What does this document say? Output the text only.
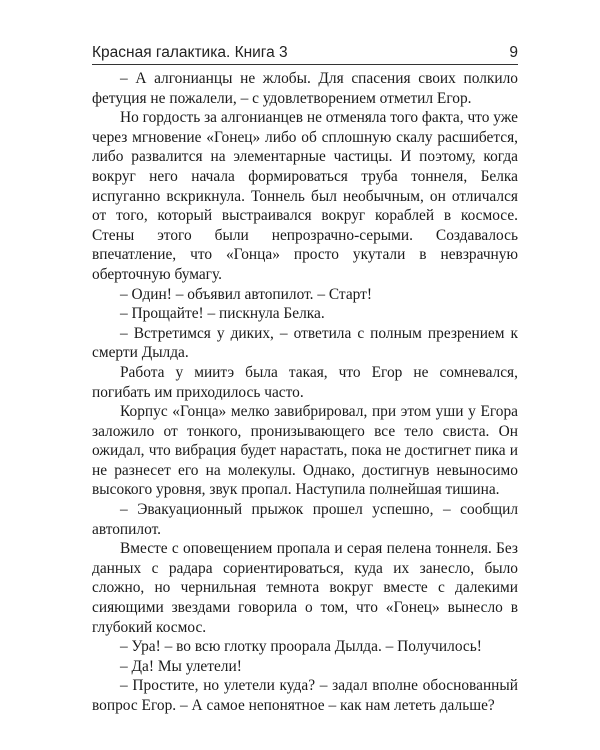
Красная галактика. Книга 3	9

– А алгонианцы не жлобы. Для спасения своих полкило фетуция не пожалели, – с удовлетворением отметил Егор.

Но гордость за алгонианцев не отменяла того факта, что уже через мгновение «Гонец» либо об сплошную скалу расшибется, либо развалится на элементарные частицы. И поэтому, когда вокруг него начала формироваться труба тоннеля, Белка испуганно вскрикнула. Тоннель был необычным, он отличался от того, который выстраивался вокруг кораблей в космосе. Стены этого были непрозрачно-серыми. Создавалось впечатление, что «Гонца» просто укутали в невзрачную оберточную бумагу.

– Один! – объявил автопилот. – Старт!

– Прощайте! – пискнула Белка.

– Встретимся у диких, – ответила с полным презрением к смерти Дылда.

Работа у миитэ была такая, что Егор не сомневался, погибать им приходилось часто.

Корпус «Гонца» мелко завибрировал, при этом уши у Егора заложило от тонкого, пронизывающего все тело свиста. Он ожидал, что вибрация будет нарастать, пока не достигнет пика и не разнесет его на молекулы. Однако, достигнув невыносимо высокого уровня, звук пропал. Наступила полнейшая тишина.

– Эвакуационный прыжок прошел успешно, – сообщил автопилот.

Вместе с оповещением пропала и серая пелена тоннеля. Без данных с радара сориентироваться, куда их занесло, было сложно, но чернильная темнота вокруг вместе с далекими сияющими звездами говорила о том, что «Гонец» вынесло в глубокий космос.

– Ура! – во всю глотку проорала Дылда. – Получилось!

– Да! Мы улетели!

– Простите, но улетели куда? – задал вполне обоснованный вопрос Егор. – А самое непонятное – как нам лететь дальше?
